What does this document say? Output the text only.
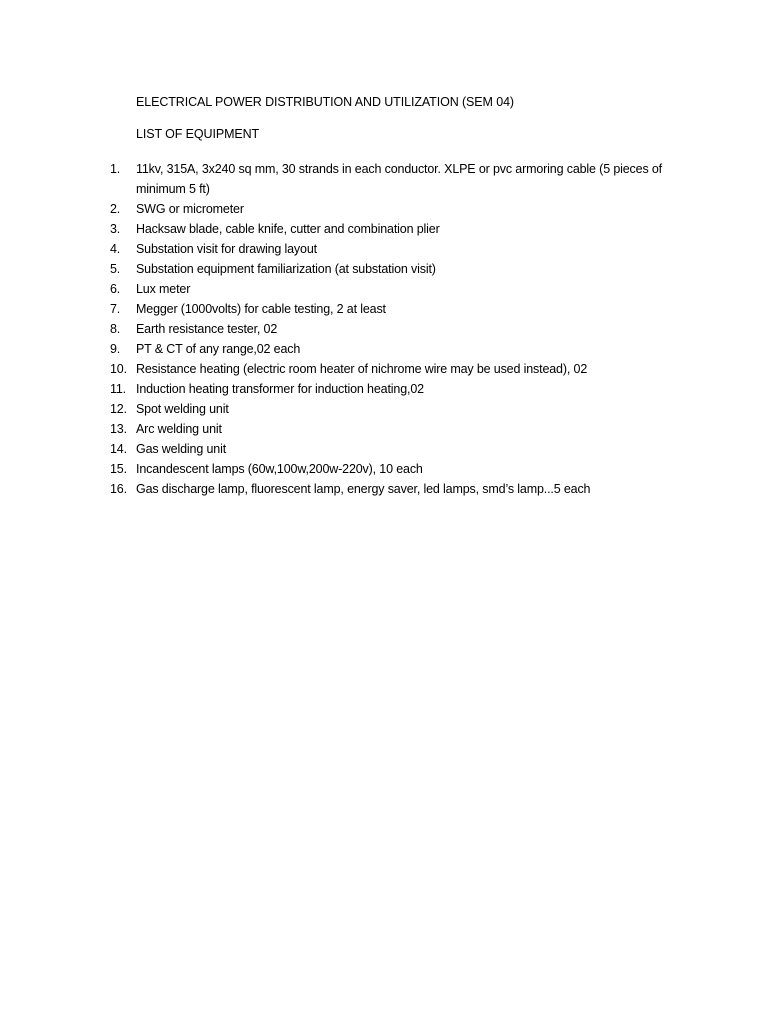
ELECTRICAL POWER DISTRIBUTION AND UTILIZATION (SEM 04)
LIST OF EQUIPMENT
1.	11kv, 315A, 3x240 sq mm, 30 strands in each conductor. XLPE or pvc armoring cable (5 pieces of minimum 5 ft)
2.	SWG or micrometer
3.	Hacksaw blade, cable knife, cutter and combination plier
4.	Substation visit for drawing layout
5.	Substation equipment familiarization (at substation visit)
6.	Lux meter
7.	Megger (1000volts) for cable testing, 2 at least
8.	Earth resistance tester, 02
9.	PT & CT of any range,02 each
10. Resistance heating (electric room heater of nichrome wire may be used instead), 02
11. Induction heating transformer for induction heating,02
12. Spot welding unit
13. Arc welding unit
14. Gas welding unit
15. Incandescent lamps (60w,100w,200w-220v), 10 each
16. Gas discharge lamp, fluorescent lamp, energy saver, led lamps, smd’s lamp...5 each
